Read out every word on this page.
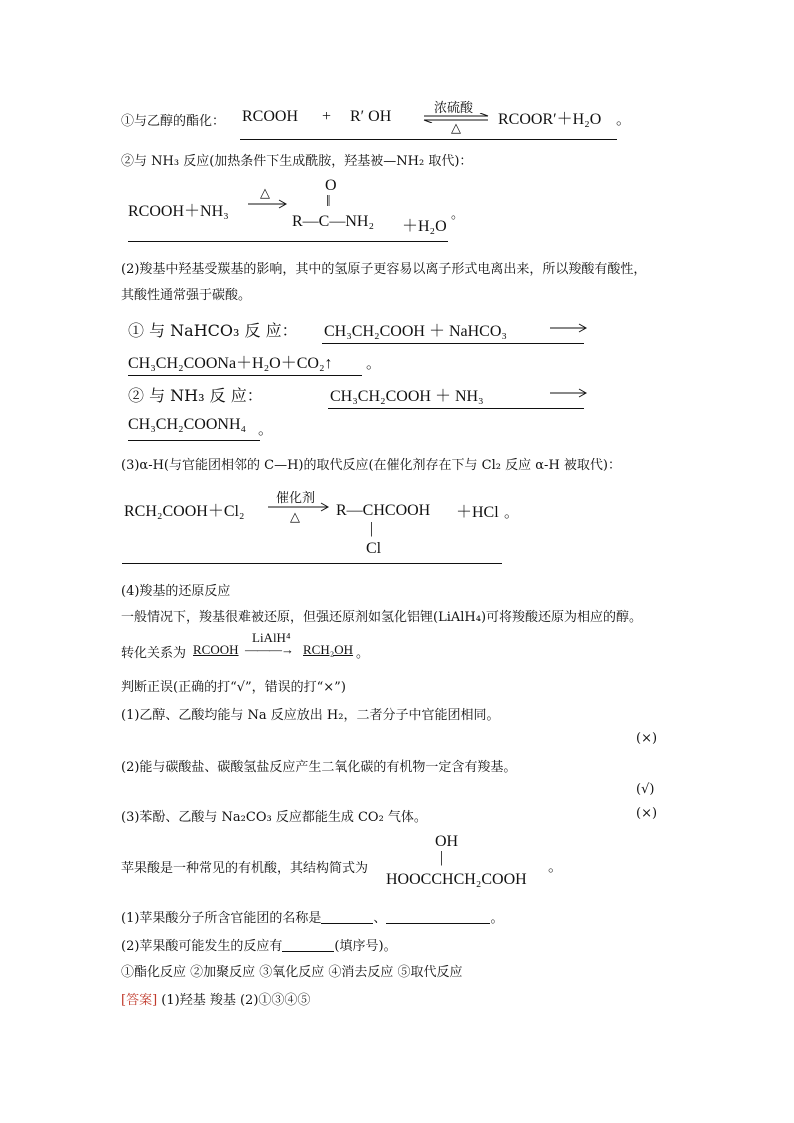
①与乙醇的酯化： RCOOH + R′ OH	浓硫酸
△
RCOOR′＋H₂O 。
②与 NH₃ 反应(加热条件下生成酰胺，羟基被—NH₂ 取代)：
RCOOH＋NH₃
△	O
‖
R—C—NH₂ ＋H₂O
。
(2)羧基中羟基受羰基的影响，其中的氢原子更容易以离子形式电离出来，所以羧酸有酸性，
其酸性通常强于碳酸。
① 与 NaHCO₃ 反 应： CH₃CH₂COOH ＋ NaHCO₃
CH₃CH₂COONa＋H₂O＋CO₂↑ 。
② 与 NH₃ 反 应：	CH₃CH₂COOH ＋ NH₃
CH₃CH₂COONH₄ 。
(3)α-H(与官能团相邻的 C—H)的取代反应(在催化剂存在下与 Cl₂ 反应 α-H 被取代)：
RCH₂COOH＋Cl₂
催化剂
△ R—CHCOOH
|
Cl
＋HCl 。
(4)羧基的还原反应
一般情况下，羧基很难被还原，但强还原剂如氢化铝锂(LiAlH₄)可将羧酸还原为相应的醇。
转化关系为 RCOOH
LiAlH⁴
———→ RCH₂OH 。
判断正误(正确的打“√”，错误的打“×”)
(1)乙醇、乙酸均能与 Na 反应放出 H₂，二者分子中官能团相同。
(×)
(2)能与碳酸盐、碳酸氢盐反应产生二氧化碳的有机物一定含有羧基。
(√)
(3)苯酚、乙酸与 Na₂CO₃ 反应都能生成 CO₂ 气体。	(×)
OH
苹果酸是一种常见的有机酸，其结构简式为
|
HOOCCHCH₂COOH
。
(1)苹果酸分子所含官能团的名称是	、	。
(2)苹果酸可能发生的反应有	(填序号)。
①酯化反应 ②加聚反应 ③氧化反应 ④消去反应 ⑤取代反应
[答案] (1)羟基 羧基 (2)①③④⑤
